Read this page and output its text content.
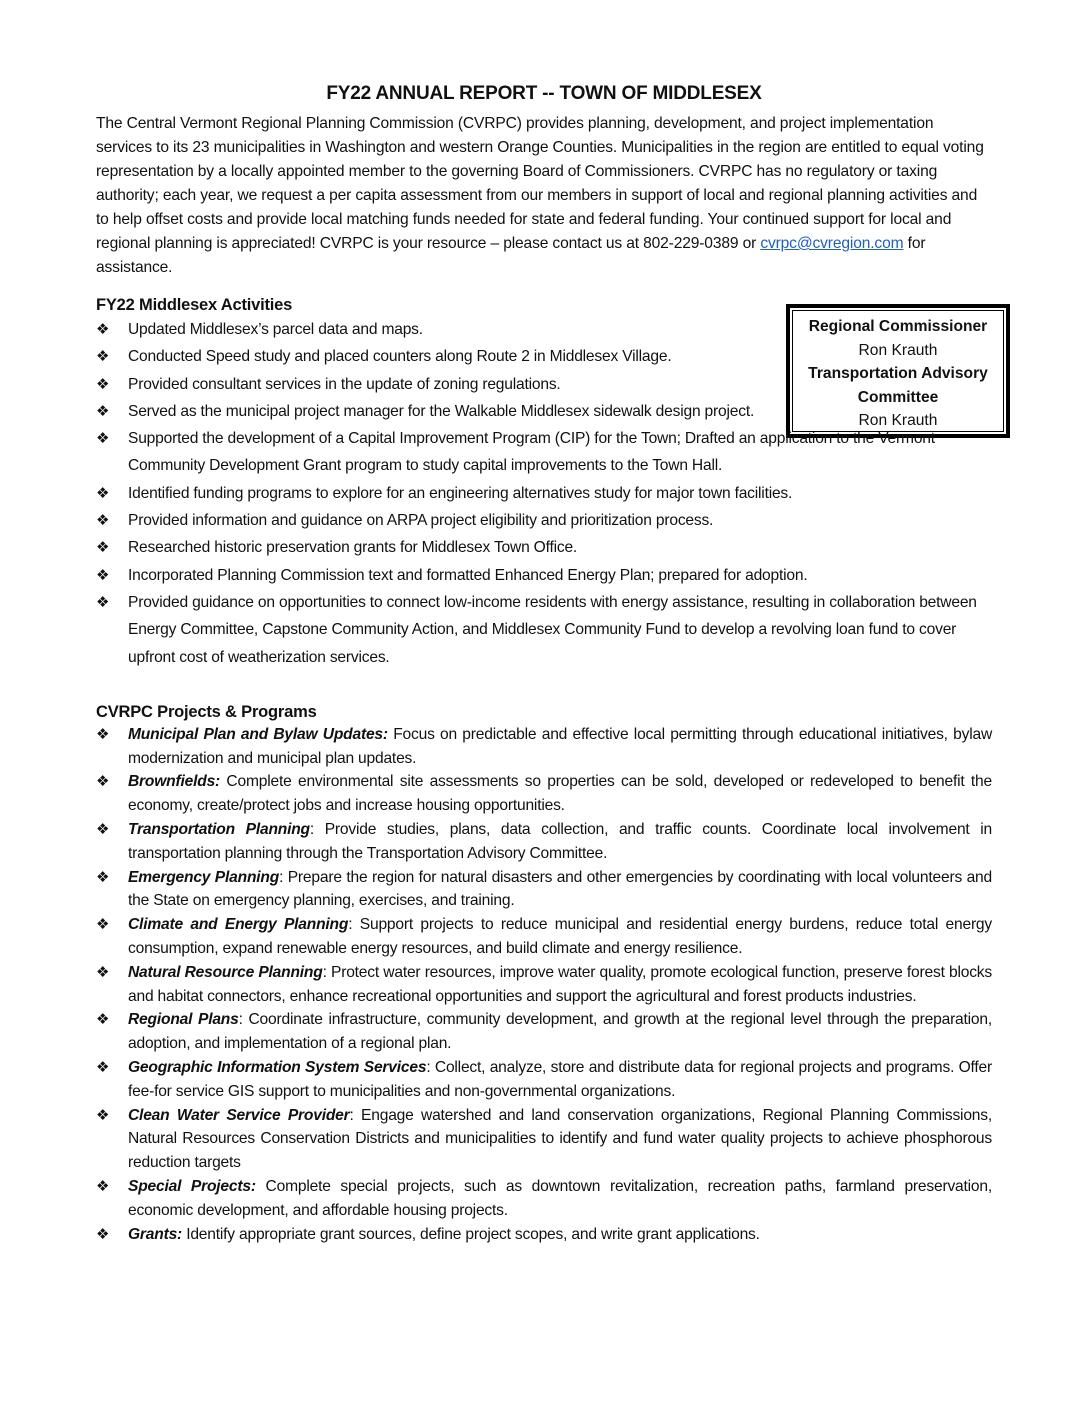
FY22 ANNUAL REPORT -- TOWN OF MIDDLESEX

The Central Vermont Regional Planning Commission (CVRPC) provides planning, development, and project implementation services to its 23 municipalities in Washington and western Orange Counties. Municipalities in the region are entitled to equal voting representation by a locally appointed member to the governing Board of Commissioners. CVRPC has no regulatory or taxing authority; each year, we request a per capita assessment from our members in support of local and regional planning activities and to help offset costs and provide local matching funds needed for state and federal funding. Your continued support for local and regional planning is appreciated! CVRPC is your resource – please contact us at 802-229-0389 or cvrpc@cvregion.com for assistance.

FY22 Middlesex Activities
Regional Commissioner
Ron Krauth
Transportation Advisory
Committee
Ron Krauth
❖ Updated Middlesex’s parcel data and maps.
❖ Conducted Speed study and placed counters along Route 2 in Middlesex Village.
❖ Provided consultant services in the update of zoning regulations.
❖ Served as the municipal project manager for the Walkable Middlesex sidewalk design project.
❖ Supported the development of a Capital Improvement Program (CIP) for the Town; Drafted an application to the Vermont Community Development Grant program to study capital improvements to the Town Hall.
❖ Identified funding programs to explore for an engineering alternatives study for major town facilities.
❖ Provided information and guidance on ARPA project eligibility and prioritization process.
❖ Researched historic preservation grants for Middlesex Town Office.
❖ Incorporated Planning Commission text and formatted Enhanced Energy Plan; prepared for adoption.
❖ Provided guidance on opportunities to connect low-income residents with energy assistance, resulting in collaboration between Energy Committee, Capstone Community Action, and Middlesex Community Fund to develop a revolving loan fund to cover upfront cost of weatherization services.
CVRPC Projects & Programs
❖ Municipal Plan and Bylaw Updates: Focus on predictable and effective local permitting through educational initiatives, bylaw modernization and municipal plan updates.
❖ Brownfields: Complete environmental site assessments so properties can be sold, developed or redeveloped to benefit the economy, create/protect jobs and increase housing opportunities.
❖ Transportation Planning: Provide studies, plans, data collection, and traffic counts. Coordinate local involvement in transportation planning through the Transportation Advisory Committee.
❖ Emergency Planning: Prepare the region for natural disasters and other emergencies by coordinating with local volunteers and the State on emergency planning, exercises, and training.
❖ Climate and Energy Planning: Support projects to reduce municipal and residential energy burdens, reduce total energy consumption, expand renewable energy resources, and build climate and energy resilience.
❖ Natural Resource Planning: Protect water resources, improve water quality, promote ecological function, preserve forest blocks and habitat connectors, enhance recreational opportunities and support the agricultural and forest products industries.
❖ Regional Plans: Coordinate infrastructure, community development, and growth at the regional level through the preparation, adoption, and implementation of a regional plan.
❖ Geographic Information System Services: Collect, analyze, store and distribute data for regional projects and programs. Offer fee-for service GIS support to municipalities and non-governmental organizations.
❖ Clean Water Service Provider: Engage watershed and land conservation organizations, Regional Planning Commissions, Natural Resources Conservation Districts and municipalities to identify and fund water quality projects to achieve phosphorous reduction targets
❖ Special Projects: Complete special projects, such as downtown revitalization, recreation paths, farmland preservation, economic development, and affordable housing projects.
❖ Grants: Identify appropriate grant sources, define project scopes, and write grant applications.
